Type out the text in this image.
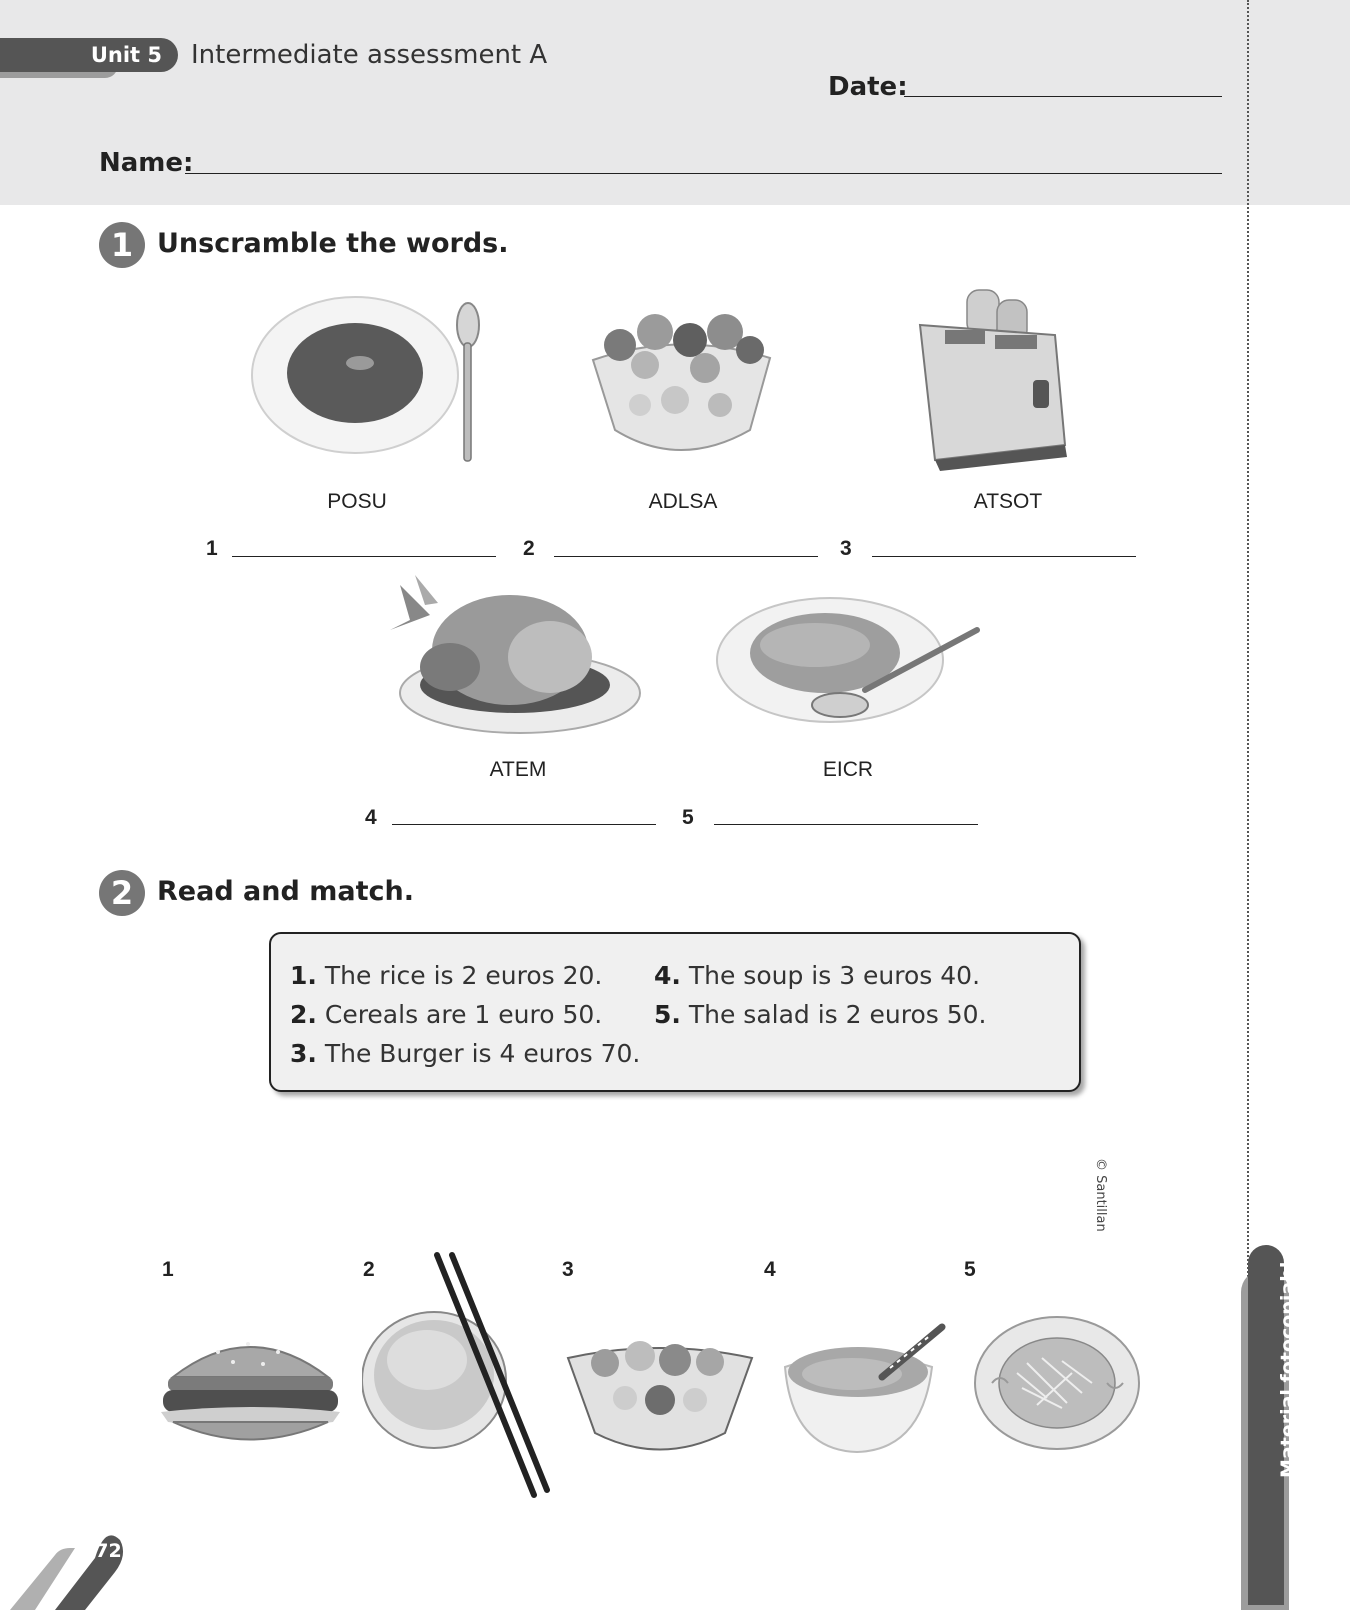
Unit 5	Intermediate assessment A
Date:
Name:
1 Unscramble the words.
POSU	ADLSA	ATSOT
1	2	3
ATEM	EICR
4	5
2 Read and match.
1. The rice is 2 euros 20.
2. Cereals are 1 euro 50.
3. The Burger is 4 euros 70.
4. The soup is 3 euros 40.
5. The salad is 2 euros 50.
© Santillan
1	2	3	4	5	Material fotocopiable
172
